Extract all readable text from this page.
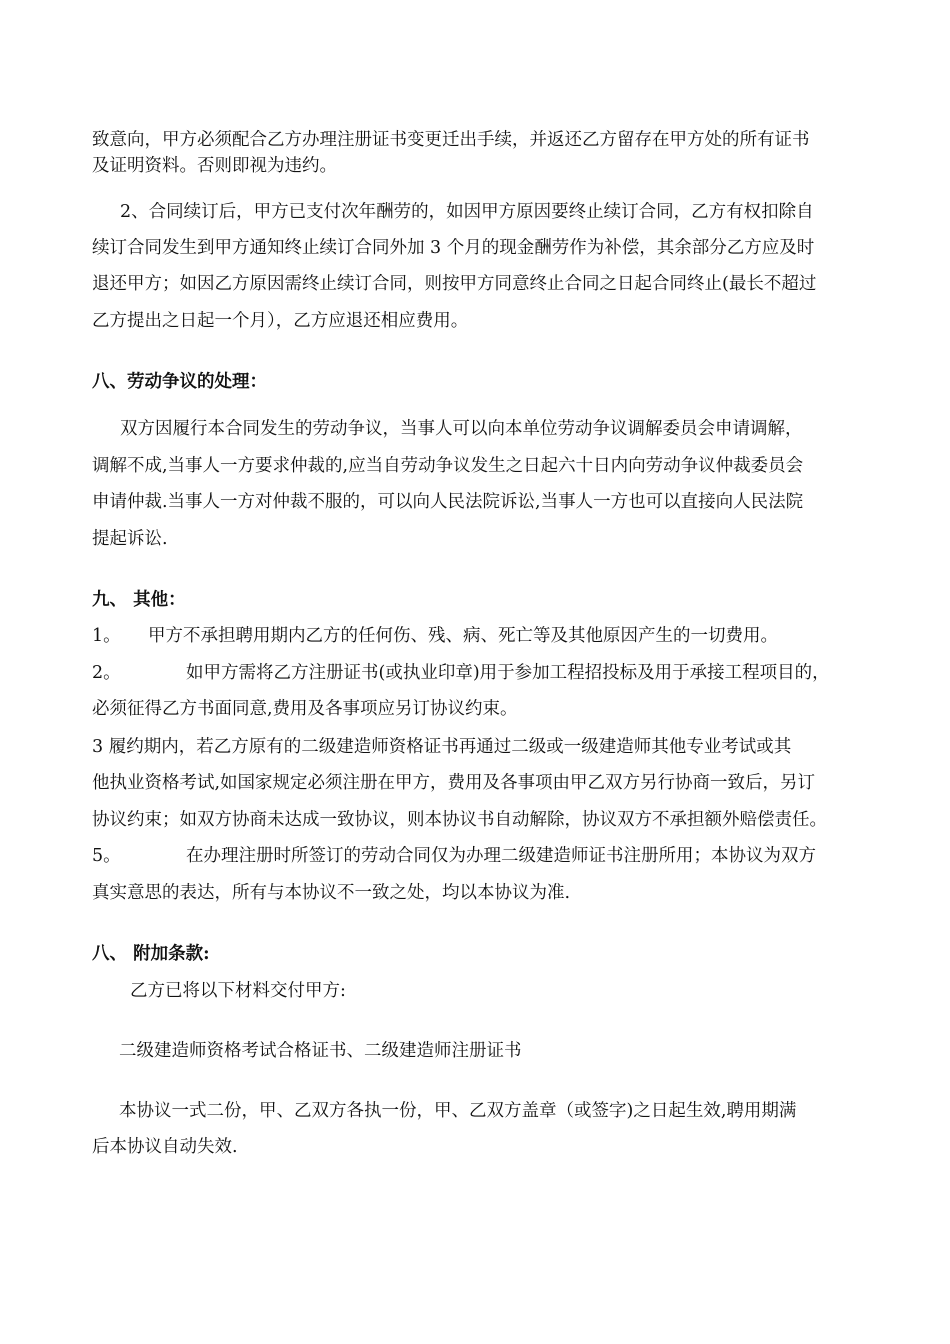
致意向，甲方必须配合乙方办理注册证书变更迁出手续，并返还乙方留存在甲方处的所有证书
及证明资料。否则即视为违约。
2、合同续订后，甲方已支付次年酬劳的，如因甲方原因要终止续订合同，乙方有权扣除自
续订合同发生到甲方通知终止续订合同外加 3 个月的现金酬劳作为补偿，其余部分乙方应及时
退还甲方；如因乙方原因需终止续订合同，则按甲方同意终止合同之日起合同终止(最长不超过
乙方提出之日起一个月），乙方应退还相应费用。
八、劳动争议的处理：
双方因履行本合同发生的劳动争议，当事人可以向本单位劳动争议调解委员会申请调解，
调解不成,当事人一方要求仲裁的,应当自劳动争议发生之日起六十日内向劳动争议仲裁委员会
申请仲裁.当事人一方对仲裁不服的，可以向人民法院诉讼,当事人一方也可以直接向人民法院
提起诉讼.
九、 其他：
1。 甲方不承担聘用期内乙方的任何伤、残、病、死亡等及其他原因产生的一切费用。
2。	如甲方需将乙方注册证书(或执业印章)用于参加工程招投标及用于承接工程项目的，
必须征得乙方书面同意,费用及各事项应另订协议约束。
3 履约期内，若乙方原有的二级建造师资格证书再通过二级或一级建造师其他专业考试或其
他执业资格考试,如国家规定必须注册在甲方，费用及各事项由甲乙双方另行协商一致后，另订
协议约束；如双方协商未达成一致协议，则本协议书自动解除，协议双方不承担额外赔偿责任。
5。	在办理注册时所签订的劳动合同仅为办理二级建造师证书注册所用；本协议为双方
真实意思的表达，所有与本协议不一致之处，均以本协议为准.
八、 附加条款:
乙方已将以下材料交付甲方:
二级建造师资格考试合格证书、二级建造师注册证书
本协议一式二份，甲、乙双方各执一份，甲、乙双方盖章（或签字)之日起生效,聘用期满
后本协议自动失效.
